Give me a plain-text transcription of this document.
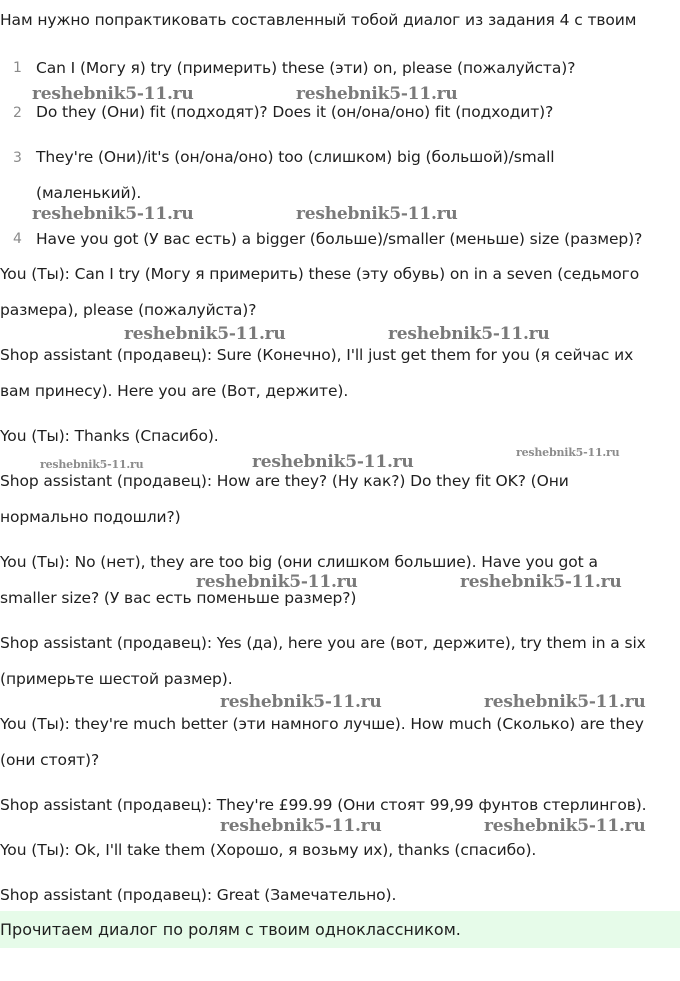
Нам нужно попрактиковать составленный тобой диалог из задания 4 с твоим
1 Can I (Могу я) try (примерить) these (эти) on, please (пожалуйста)?
2 Do they (Они) fit (подходят)? Does it (он/она/оно) fit (подходит)?
3 They're (Они)/it's (он/она/оно) too (слишком) big (большой)/small
(маленький).
4 Have you got (У вас есть) a bigger (больше)/smaller (меньше) size (размер)?
You (Ты): Can I try (Могу я примерить) these (эту обувь) on in a seven (седьмого
размера), please (пожалуйста)?
Shop assistant (продавец): Sure (Конечно), I'll just get them for you (я сейчас их
вам принесу). Here you are (Вот, держите).
You (Ты): Thanks (Спасибо).
Shop assistant (продавец): How are they? (Ну как?) Do they fit OK? (Они
нормально подошли?)
You (Ты): No (нет), they are too big (они слишком большие). Have you got a
smaller size? (У вас есть поменьше размер?)
Shop assistant (продавец): Yes (да), here you are (вот, держите), try them in a six
(примерьте шестой размер).
You (Ты): they're much better (эти намного лучше). How much (Сколько) are they
(они стоят)?
Shop assistant (продавец): They're £99.99 (Они стоят 99,99 фунтов стерлингов).
You (Ты): Ok, I'll take them (Хорошо, я возьму их), thanks (спасибо).
Shop assistant (продавец): Great (Замечательно).
Прочитаем диалог по ролям с твоим одноклассником.
reshebnik5-11.ru	reshebnik5-11.ru
reshebnik5-11.ru	reshebnik5-11.ru
reshebnik5-11.ru	reshebnik5-11.ru
reshebnik5-11.ru
reshebnik5-11.ru	reshebnik5-11.ru
reshebnik5-11.ru	reshebnik5-11.ru
reshebnik5-11.ru	reshebnik5-11.ru
reshebnik5-11.ru	reshebnik5-11.ru
